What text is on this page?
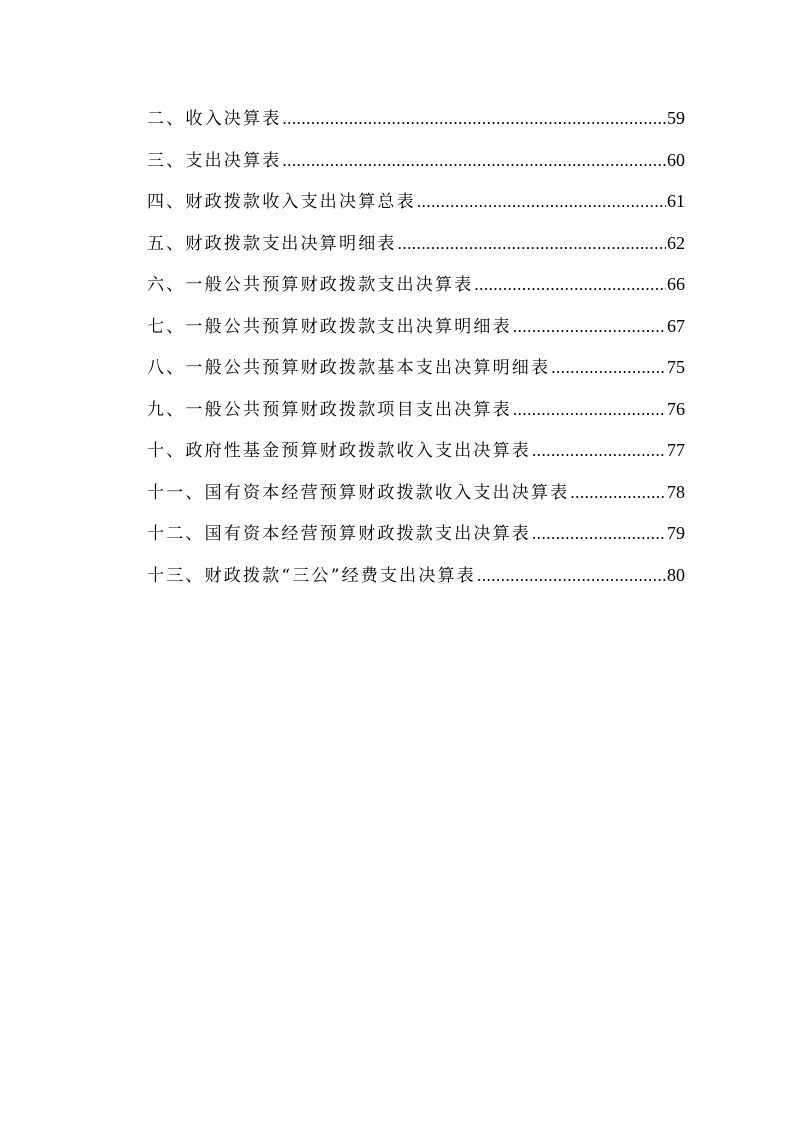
二、收入决算表 .....	59
三、支出决算表 .....	60
四、财政拨款收入支出决算总表 .....	61
五、财政拨款支出决算明细表 .....	62
六、一般公共预算财政拨款支出决算表 .....	66
七、一般公共预算财政拨款支出决算明细表 .....	67
八、一般公共预算财政拨款基本支出决算明细表 .....	75
九、一般公共预算财政拨款项目支出决算表 .....	76
十、政府性基金预算财政拨款收入支出决算表 .....	77
十一、国有资本经营预算财政拨款收入支出决算表 .....	78
十二、国有资本经营预算财政拨款支出决算表 .....	79
十三、财政拨款“三公”经费支出决算表 .....	80
